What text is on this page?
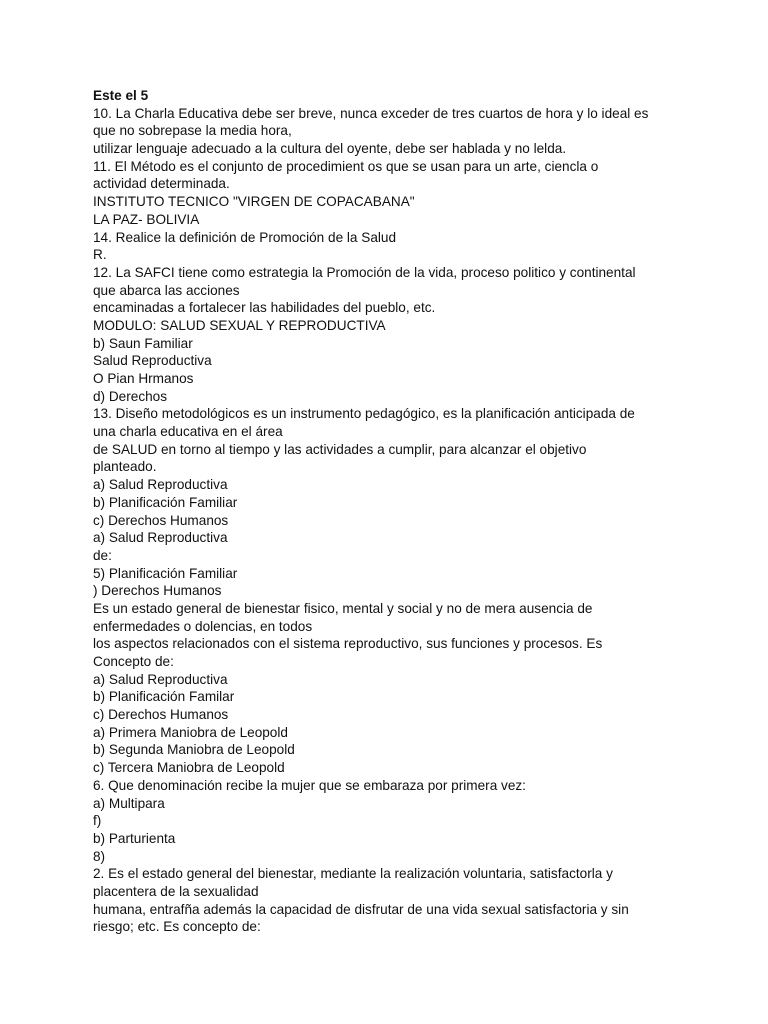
Este el 5
10. La Charla Educativa debe ser breve, nunca exceder de tres cuartos de hora y lo ideal es
que no sobrepase la media hora,
utilizar lenguaje adecuado a la cultura del oyente, debe ser hablada y no lelda.
11. El Método es el conjunto de procedimient os que se usan para un arte, ciencla o
actividad determinada.
INSTITUTO TECNICO "VIRGEN DE COPACABANA"
LA PAZ- BOLIVIA
14. Realice la definición de Promoción de la Salud
R.
12. La SAFCI tiene como estrategia la Promoción de la vida, proceso politico y continental
que abarca las acciones
encaminadas a fortalecer las habilidades del pueblo, etc.
MODULO: SALUD SEXUAL Y REPRODUCTIVA
b) Saun Familiar
Salud Reproductiva
O Pian Hrmanos
d) Derechos
13. Diseño metodológicos es un instrumento pedagógico, es la planificación anticipada de
una charla educativa en el área
de SALUD en torno al tiempo y las actividades a cumplir, para alcanzar el objetivo
planteado.
a) Salud Reproductiva
b) Planificación Familiar
c) Derechos Humanos
a) Salud Reproductiva
de:
5) Planificación Familiar
) Derechos Humanos
Es un estado general de bienestar fisico, mental y social y no de mera ausencia de
enfermedades o dolencias, en todos
los aspectos relacionados con el sistema reproductivo, sus funciones y procesos. Es
Concepto de:
a) Salud Reproductiva
b) Planificación Familar
c) Derechos Humanos
a) Primera Maniobra de Leopold
b) Segunda Maniobra de Leopold
c) Tercera Maniobra de Leopold
6. Que denominación recibe la mujer que se embaraza por primera vez:
a) Multipara
f)
b) Parturienta
8)
2. Es el estado general del bienestar, mediante la realización voluntaria, satisfactorla y
placentera de la sexualidad
humana, entrafña además la capacidad de disfrutar de una vida sexual satisfactoria y sin
riesgo; etc. Es concepto de:
